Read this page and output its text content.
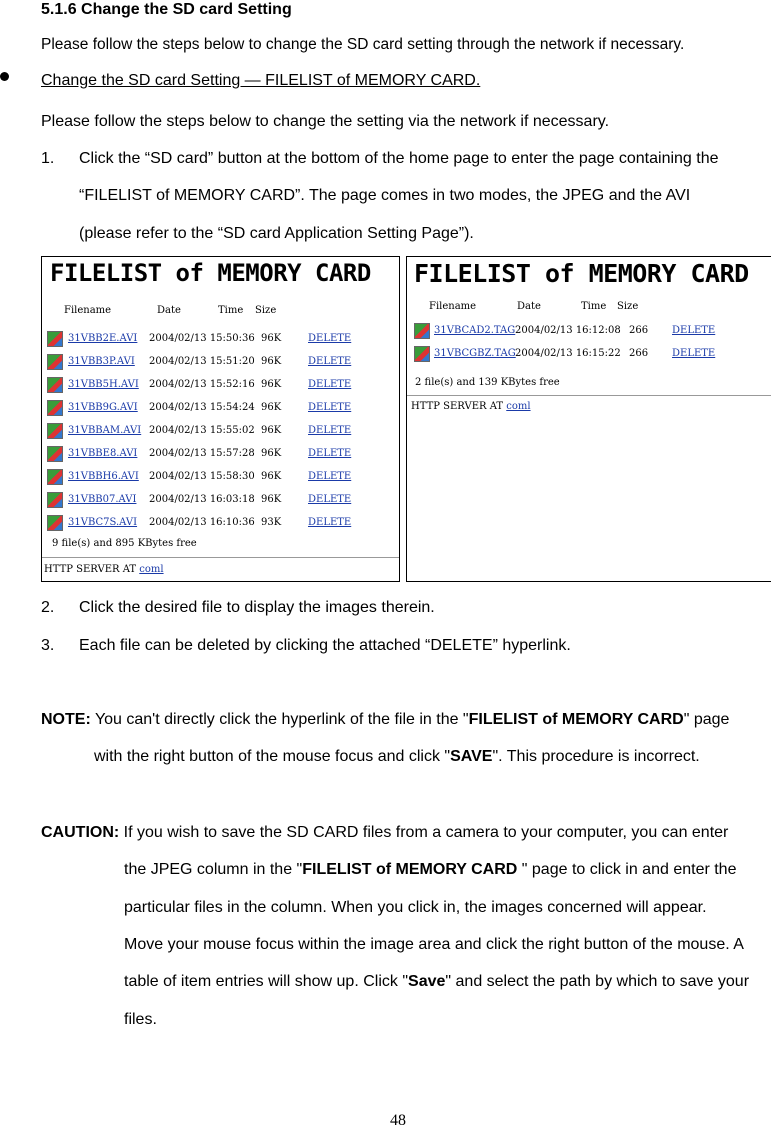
5.1.6 Change the SD card Setting
Please follow the steps below to change the SD card setting through the network if necessary.
Change the SD card Setting — FILELIST of MEMORY CARD.
Please follow the steps below to change the setting via the network if necessary.
1. Click the “SD card” button at the bottom of the home page to enter the page containing the
“FILELIST of MEMORY CARD”. The page comes in two modes, the JPEG and the AVI
(please refer to the “SD card Application Setting Page”).
FILELIST of MEMORY CARD
Filename	Date	Time Size
31VBB2E.AVI 2004/02/13 15:50:36 96K	DELETE
31VBB3P.AVI 2004/02/13 15:51:20 96K	DELETE
31VBB5H.AVI 2004/02/13 15:52:16 96K	DELETE
31VBB9G.AVI 2004/02/13 15:54:24 96K	DELETE
31VBBAM.AVI 2004/02/13 15:55:02 96K	DELETE
31VBBE8.AVI 2004/02/13 15:57:28 96K	DELETE
31VBBH6.AVI 2004/02/13 15:58:30 96K	DELETE
31VBB07.AVI 2004/02/13 16:03:18 96K	DELETE
31VBC7S.AVI 2004/02/13 16:10:36 93K	DELETE
9 file(s) and 895 KBytes free
HTTP SERVER AT coml
FILELIST of MEMORY CARD
Filename	Date	Time Size
31VBCAD2.TAG 2004/02/13 16:12:08 266 DELETE
31VBCGBZ.TAG 2004/02/13 16:15:22 266 DELETE
2 file(s) and 139 KBytes free
HTTP SERVER AT coml
2. Click the desired file to display the images therein.
3. Each file can be deleted by clicking the attached “DELETE” hyperlink.
NOTE: You can't directly click the hyperlink of the file in the "FILELIST of MEMORY CARD" page
with the right button of the mouse focus and click "SAVE". This procedure is incorrect.
CAUTION: If you wish to save the SD CARD files from a camera to your computer, you can enter
the JPEG column in the "FILELIST of MEMORY CARD " page to click in and enter the
particular files in the column. When you click in, the images concerned will appear.
Move your mouse focus within the image area and click the right button of the mouse. A
table of item entries will show up. Click "Save" and select the path by which to save your
files.
48
